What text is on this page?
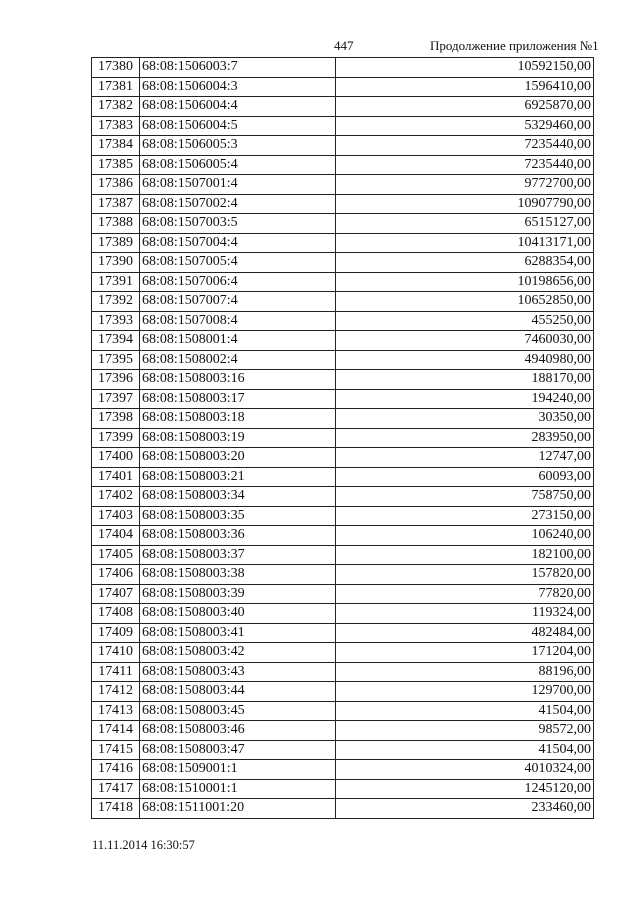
447	Продолжение приложения №1
17380	68:08:1506003:7	10592150,00
17381	68:08:1506004:3	1596410,00
17382	68:08:1506004:4	6925870,00
17383	68:08:1506004:5	5329460,00
17384	68:08:1506005:3	7235440,00
17385	68:08:1506005:4	7235440,00
17386	68:08:1507001:4	9772700,00
17387	68:08:1507002:4	10907790,00
17388	68:08:1507003:5	6515127,00
17389	68:08:1507004:4	10413171,00
17390	68:08:1507005:4	6288354,00
17391	68:08:1507006:4	10198656,00
17392	68:08:1507007:4	10652850,00
17393	68:08:1507008:4	455250,00
17394	68:08:1508001:4	7460030,00
17395	68:08:1508002:4	4940980,00
17396	68:08:1508003:16	188170,00
17397	68:08:1508003:17	194240,00
17398	68:08:1508003:18	30350,00
17399	68:08:1508003:19	283950,00
17400	68:08:1508003:20	12747,00
17401	68:08:1508003:21	60093,00
17402	68:08:1508003:34	758750,00
17403	68:08:1508003:35	273150,00
17404	68:08:1508003:36	106240,00
17405	68:08:1508003:37	182100,00
17406	68:08:1508003:38	157820,00
17407	68:08:1508003:39	77820,00
17408	68:08:1508003:40	119324,00
17409	68:08:1508003:41	482484,00
17410	68:08:1508003:42	171204,00
17411	68:08:1508003:43	88196,00
17412	68:08:1508003:44	129700,00
17413	68:08:1508003:45	41504,00
17414	68:08:1508003:46	98572,00
17415	68:08:1508003:47	41504,00
17416	68:08:1509001:1	4010324,00
17417	68:08:1510001:1	1245120,00
17418	68:08:1511001:20	233460,00
11.11.2014 16:30:57
